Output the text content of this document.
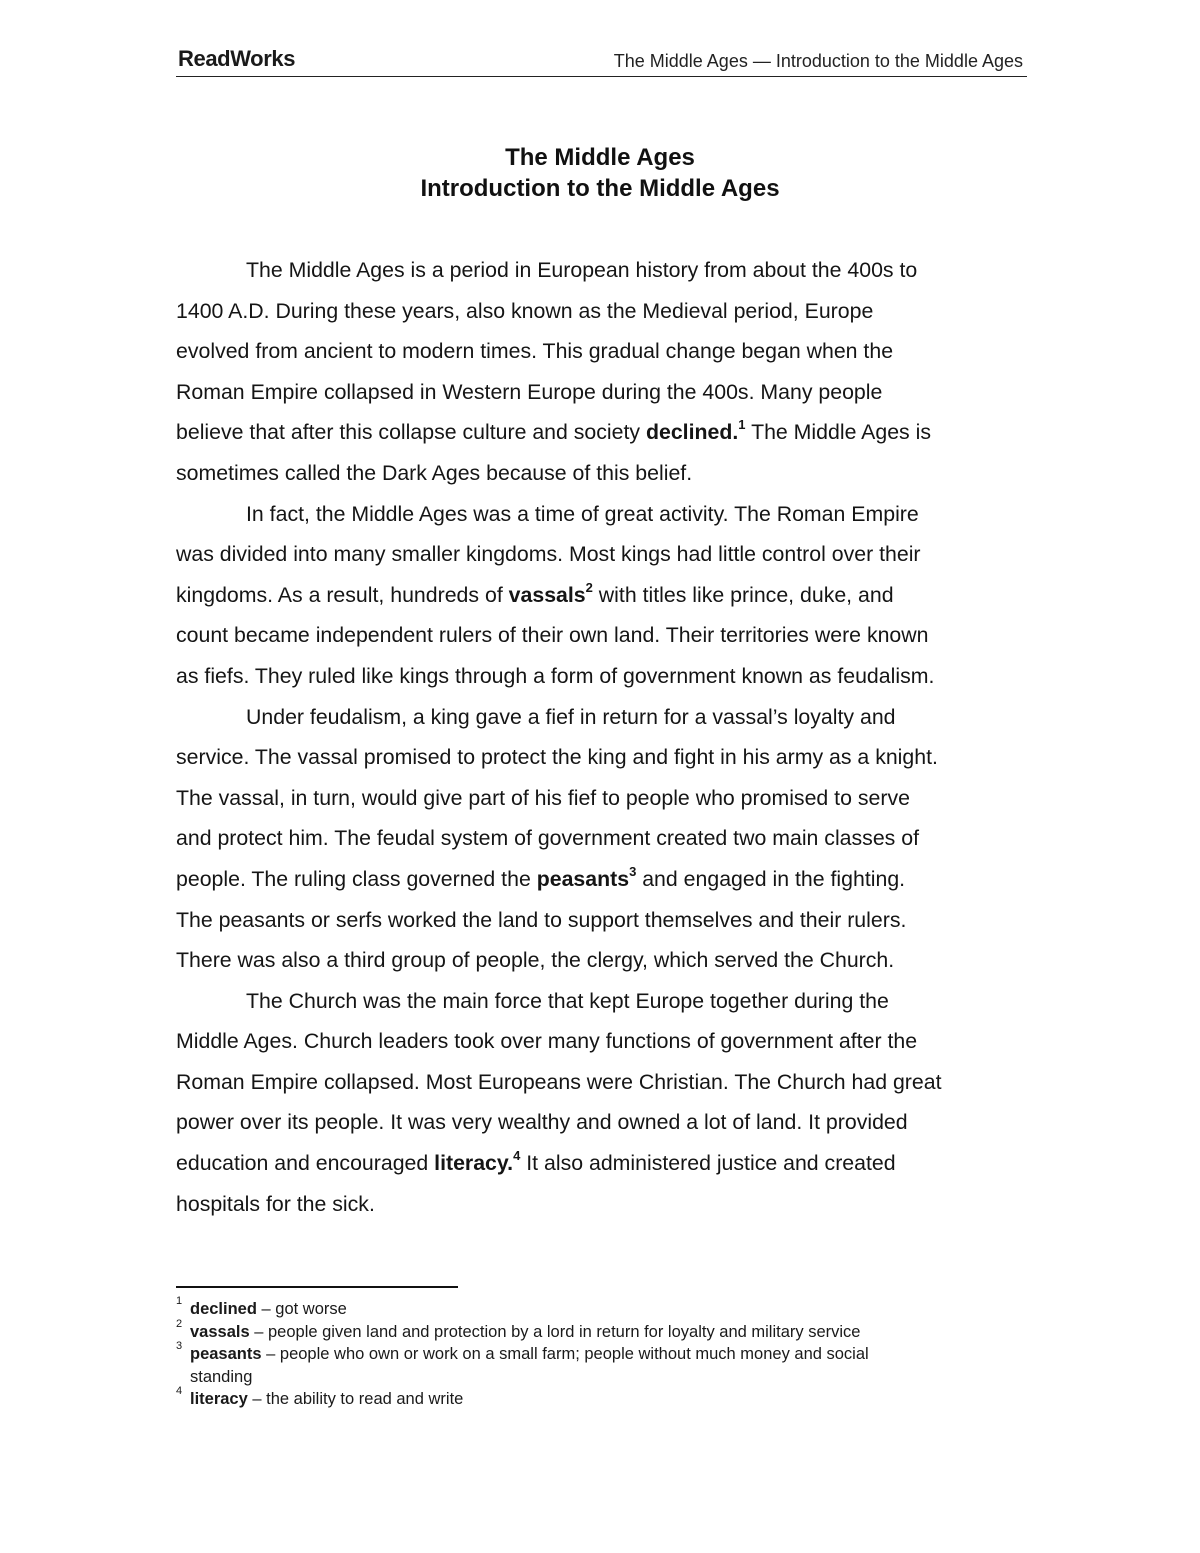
ReadWorks	The Middle Ages — Introduction to the Middle Ages
The Middle Ages
Introduction to the Middle Ages
The Middle Ages is a period in European history from about the 400s to
1400 A.D. During these years, also known as the Medieval period, Europe
evolved from ancient to modern times. This gradual change began when the
Roman Empire collapsed in Western Europe during the 400s. Many people
believe that after this collapse culture and society declined.$^1$ The Middle Ages is
sometimes called the Dark Ages because of this belief.
In fact, the Middle Ages was a time of great activity. The Roman Empire
was divided into many smaller kingdoms. Most kings had little control over their
kingdoms. As a result, hundreds of vassals$^2$ with titles like prince, duke, and
count became independent rulers of their own land. Their territories were known
as fiefs. They ruled like kings through a form of government known as feudalism.
Under feudalism, a king gave a fief in return for a vassal’s loyalty and
service. The vassal promised to protect the king and fight in his army as a knight.
The vassal, in turn, would give part of his fief to people who promised to serve
and protect him. The feudal system of government created two main classes of
people. The ruling class governed the peasants$^3$ and engaged in the fighting.
The peasants or serfs worked the land to support themselves and their rulers.
There was also a third group of people, the clergy, which served the Church.
The Church was the main force that kept Europe together during the
Middle Ages. Church leaders took over many functions of government after the
Roman Empire collapsed. Most Europeans were Christian. The Church had great
power over its people. It was very wealthy and owned a lot of land. It provided
education and encouraged literacy.$^4$ It also administered justice and created
hospitals for the sick.
1 declined – got worse
2 vassals – people given land and protection by a lord in return for loyalty and military service
3 peasants – people who own or work on a small farm; people without much money and social
standing
4 literacy – the ability to read and write
